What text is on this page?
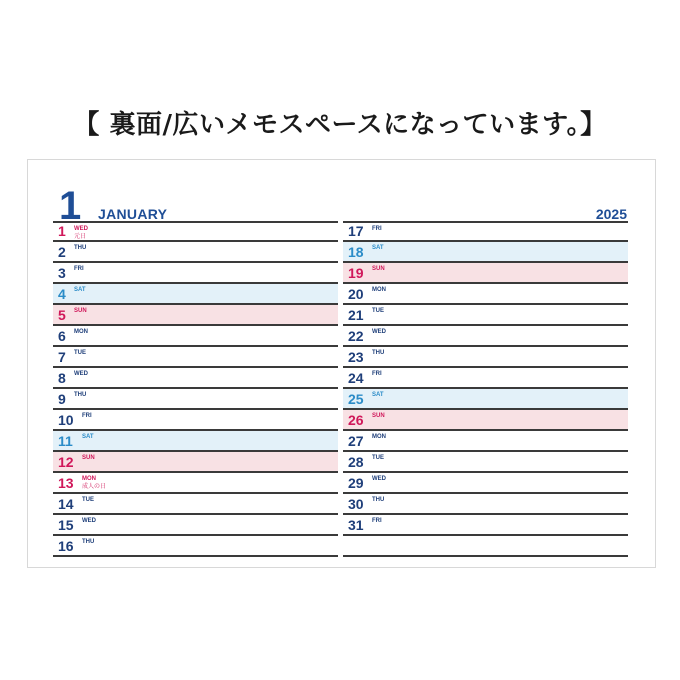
【 裏面/広いメモスペースになっています。】
1 JANUARY	2025
1 WED
元日
2 THU
3 FRI
4 SAT
5 SUN
6 MON
7 TUE
8 WED
9 THU
10 FRI
11 SAT
12 SUN
13 MON
成人の日
14 TUE
15 WED
16 THU
17 FRI
18 SAT
19 SUN
20 MON
21 TUE
22 WED
23 THU
24 FRI
25 SAT
26 SUN
27 MON
28 TUE
29 WED
30 THU
31 FRI
